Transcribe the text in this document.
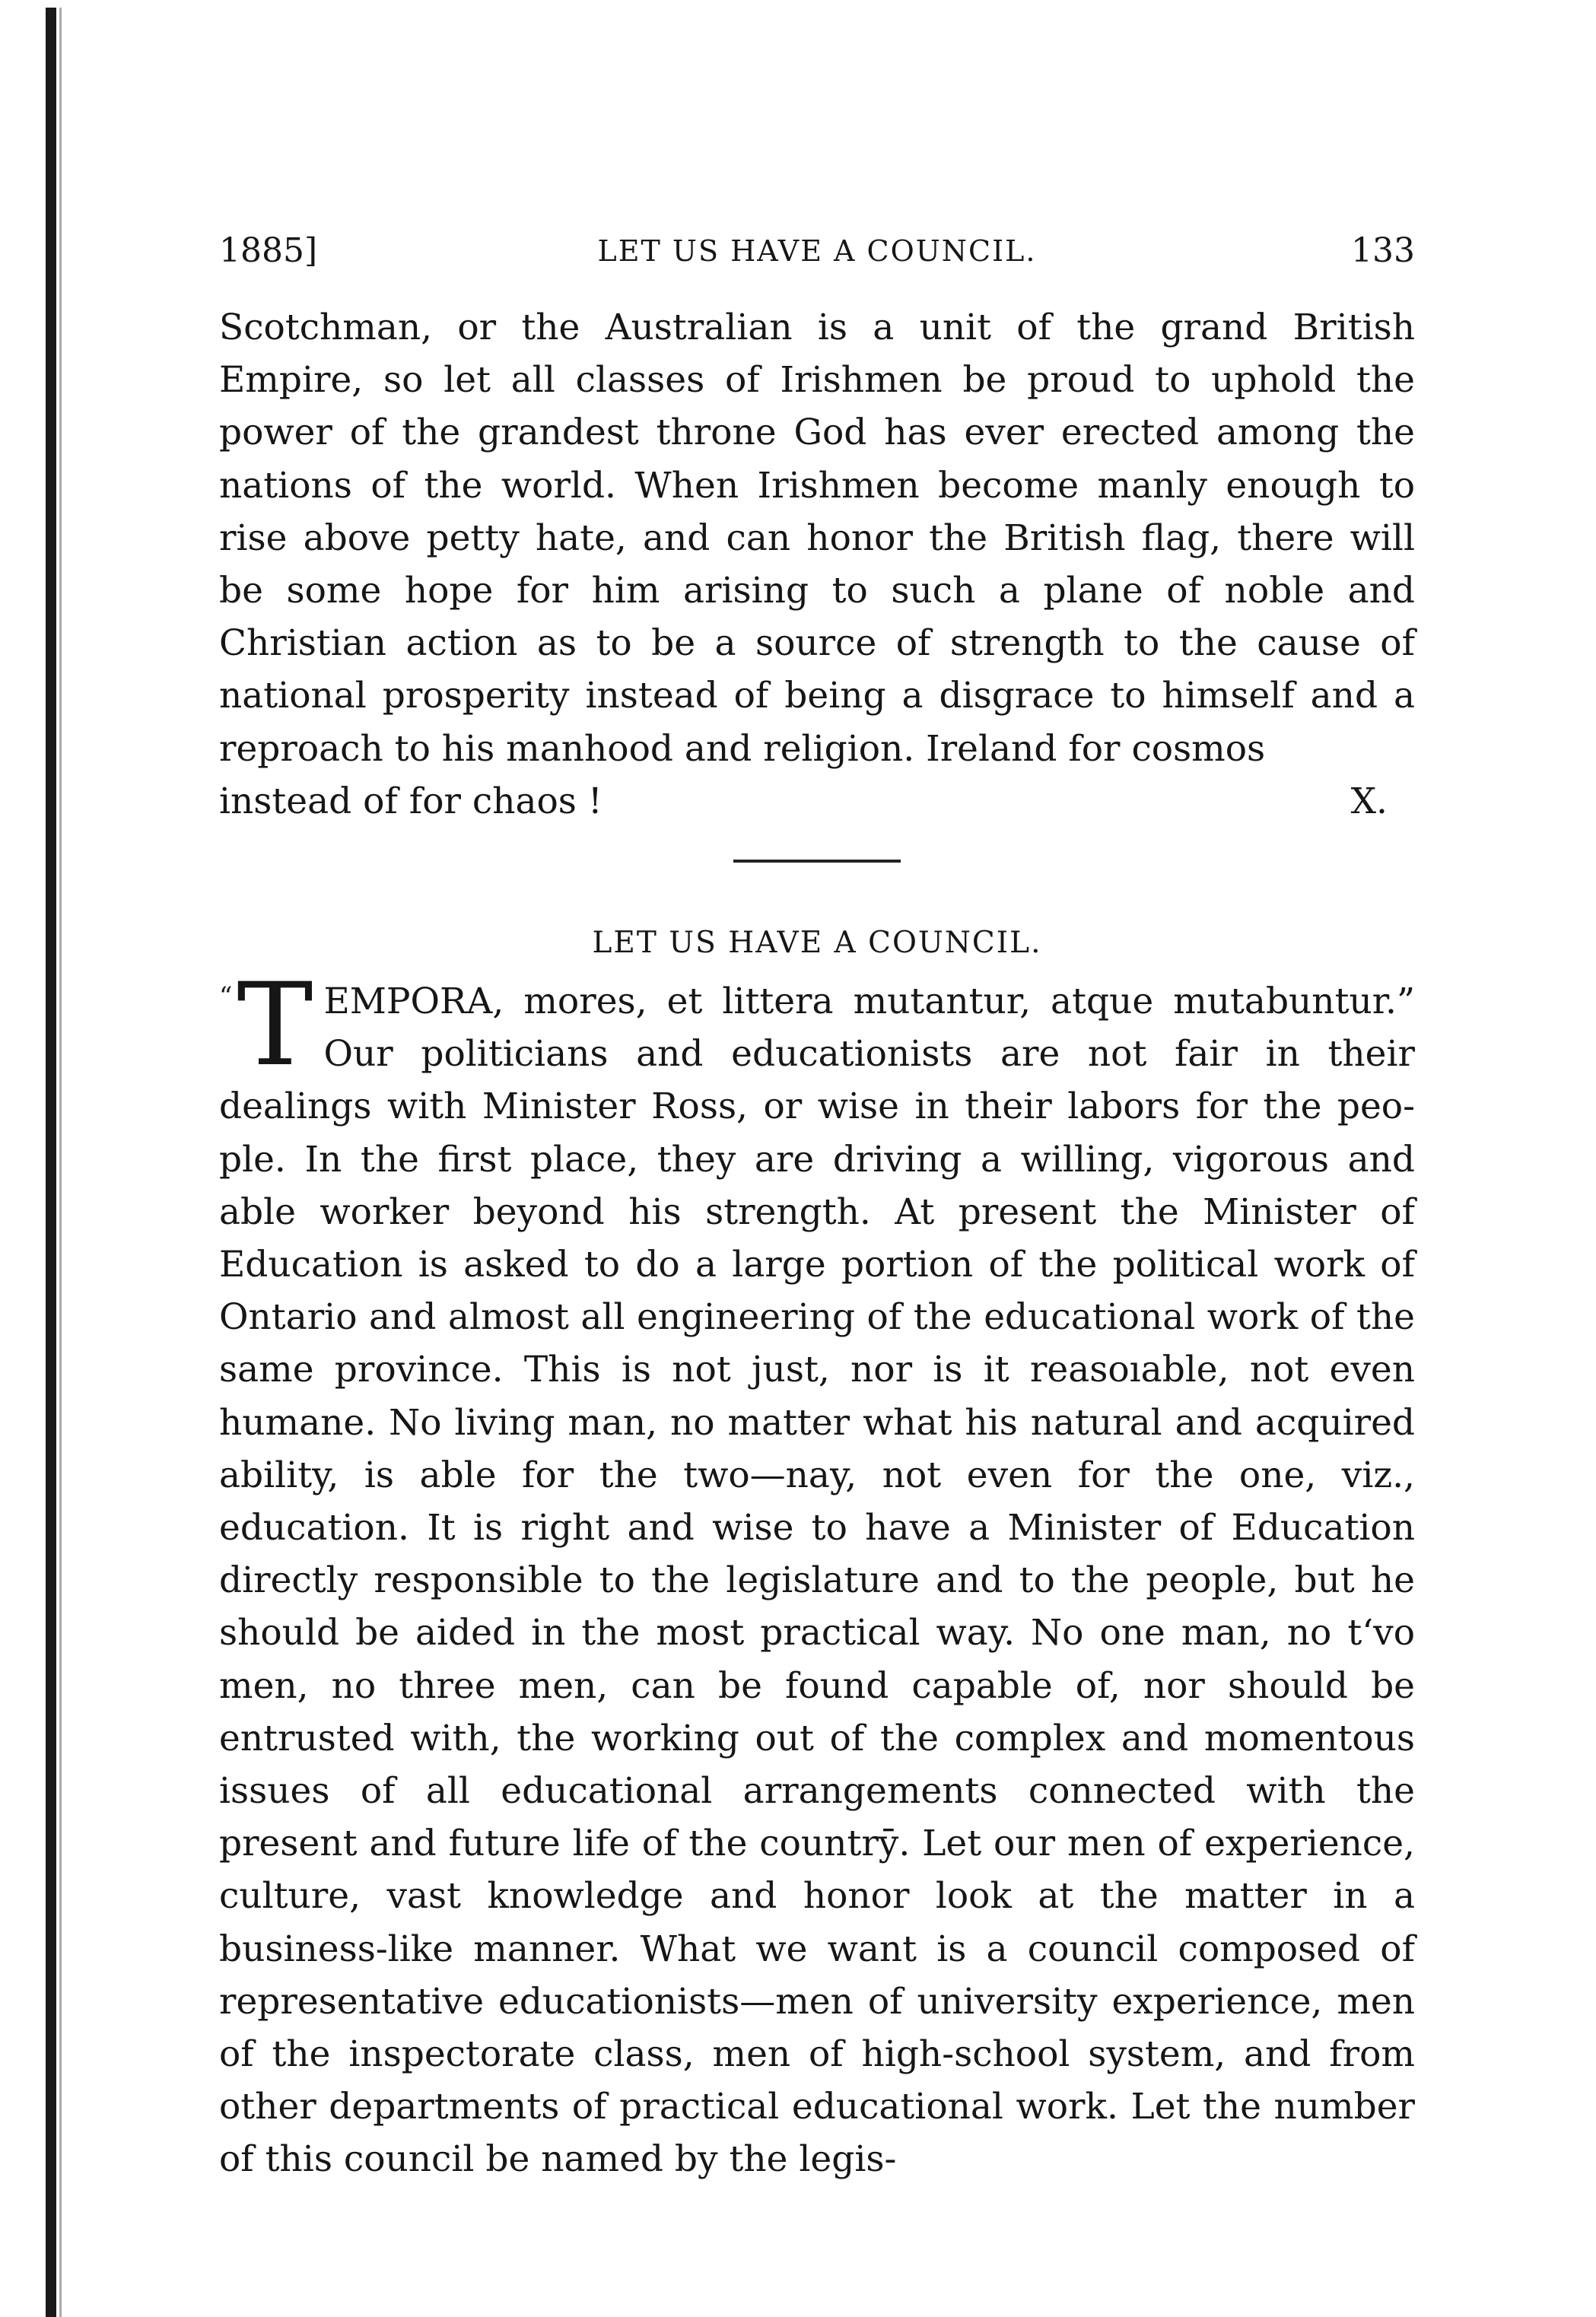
1885]	LET US HAVE A COUNCIL.	133

Scotchman, or the Australian is a unit of the grand British Empire, so let all classes of Irishmen be proud to uphold the power of the grandest throne God has ever erected among the nations of the world. When Irishmen become manly enough to rise above petty hate, and can honor the British flag, there will be some hope for him arising to such a plane of noble and Christian action as to be a source of strength to the cause of national prosperity instead of being a disgrace to himself and a reproach to his manhood and religion. Ireland for cosmos

instead of for chaos !	X.
LET US HAVE A COUNCIL.
“ T EMPORA, mores, et littera mutantur, atque mutabuntur.” Our politicians and educationists are not fair in their dealings with Minister Ross, or wise in their labors for the people. In the first place, they are driving a willing, vigorous and able worker beyond his strength. At present the Minister of Education is asked to do a large portion of the political work of Ontario and almost all engineering of the educational work of the same province. This is not just, nor is it reasoıable, not even humane. No living man, no matter what his natural and acquired ability, is able for the two—nay, not even for the one, viz., education. It is right and wise to have a Minister of Education directly responsible to the legislature and to the people, but he should be aided in the most practical way. No one man, no tʻvo men, no three men, can be found capable of, nor should be entrusted with, the working out of the complex and momentous issues of all educational arrangements connected with the present and future life of the countrȳ. Let our men of experience, culture, vast knowledge and honor look at the matter in a business-like manner. What we want is a council composed of representative educationists—men of university experience, men of the inspectorate class, men of high-school system, and from other departments of practical educational work. Let the number of this council be named by the legis-
